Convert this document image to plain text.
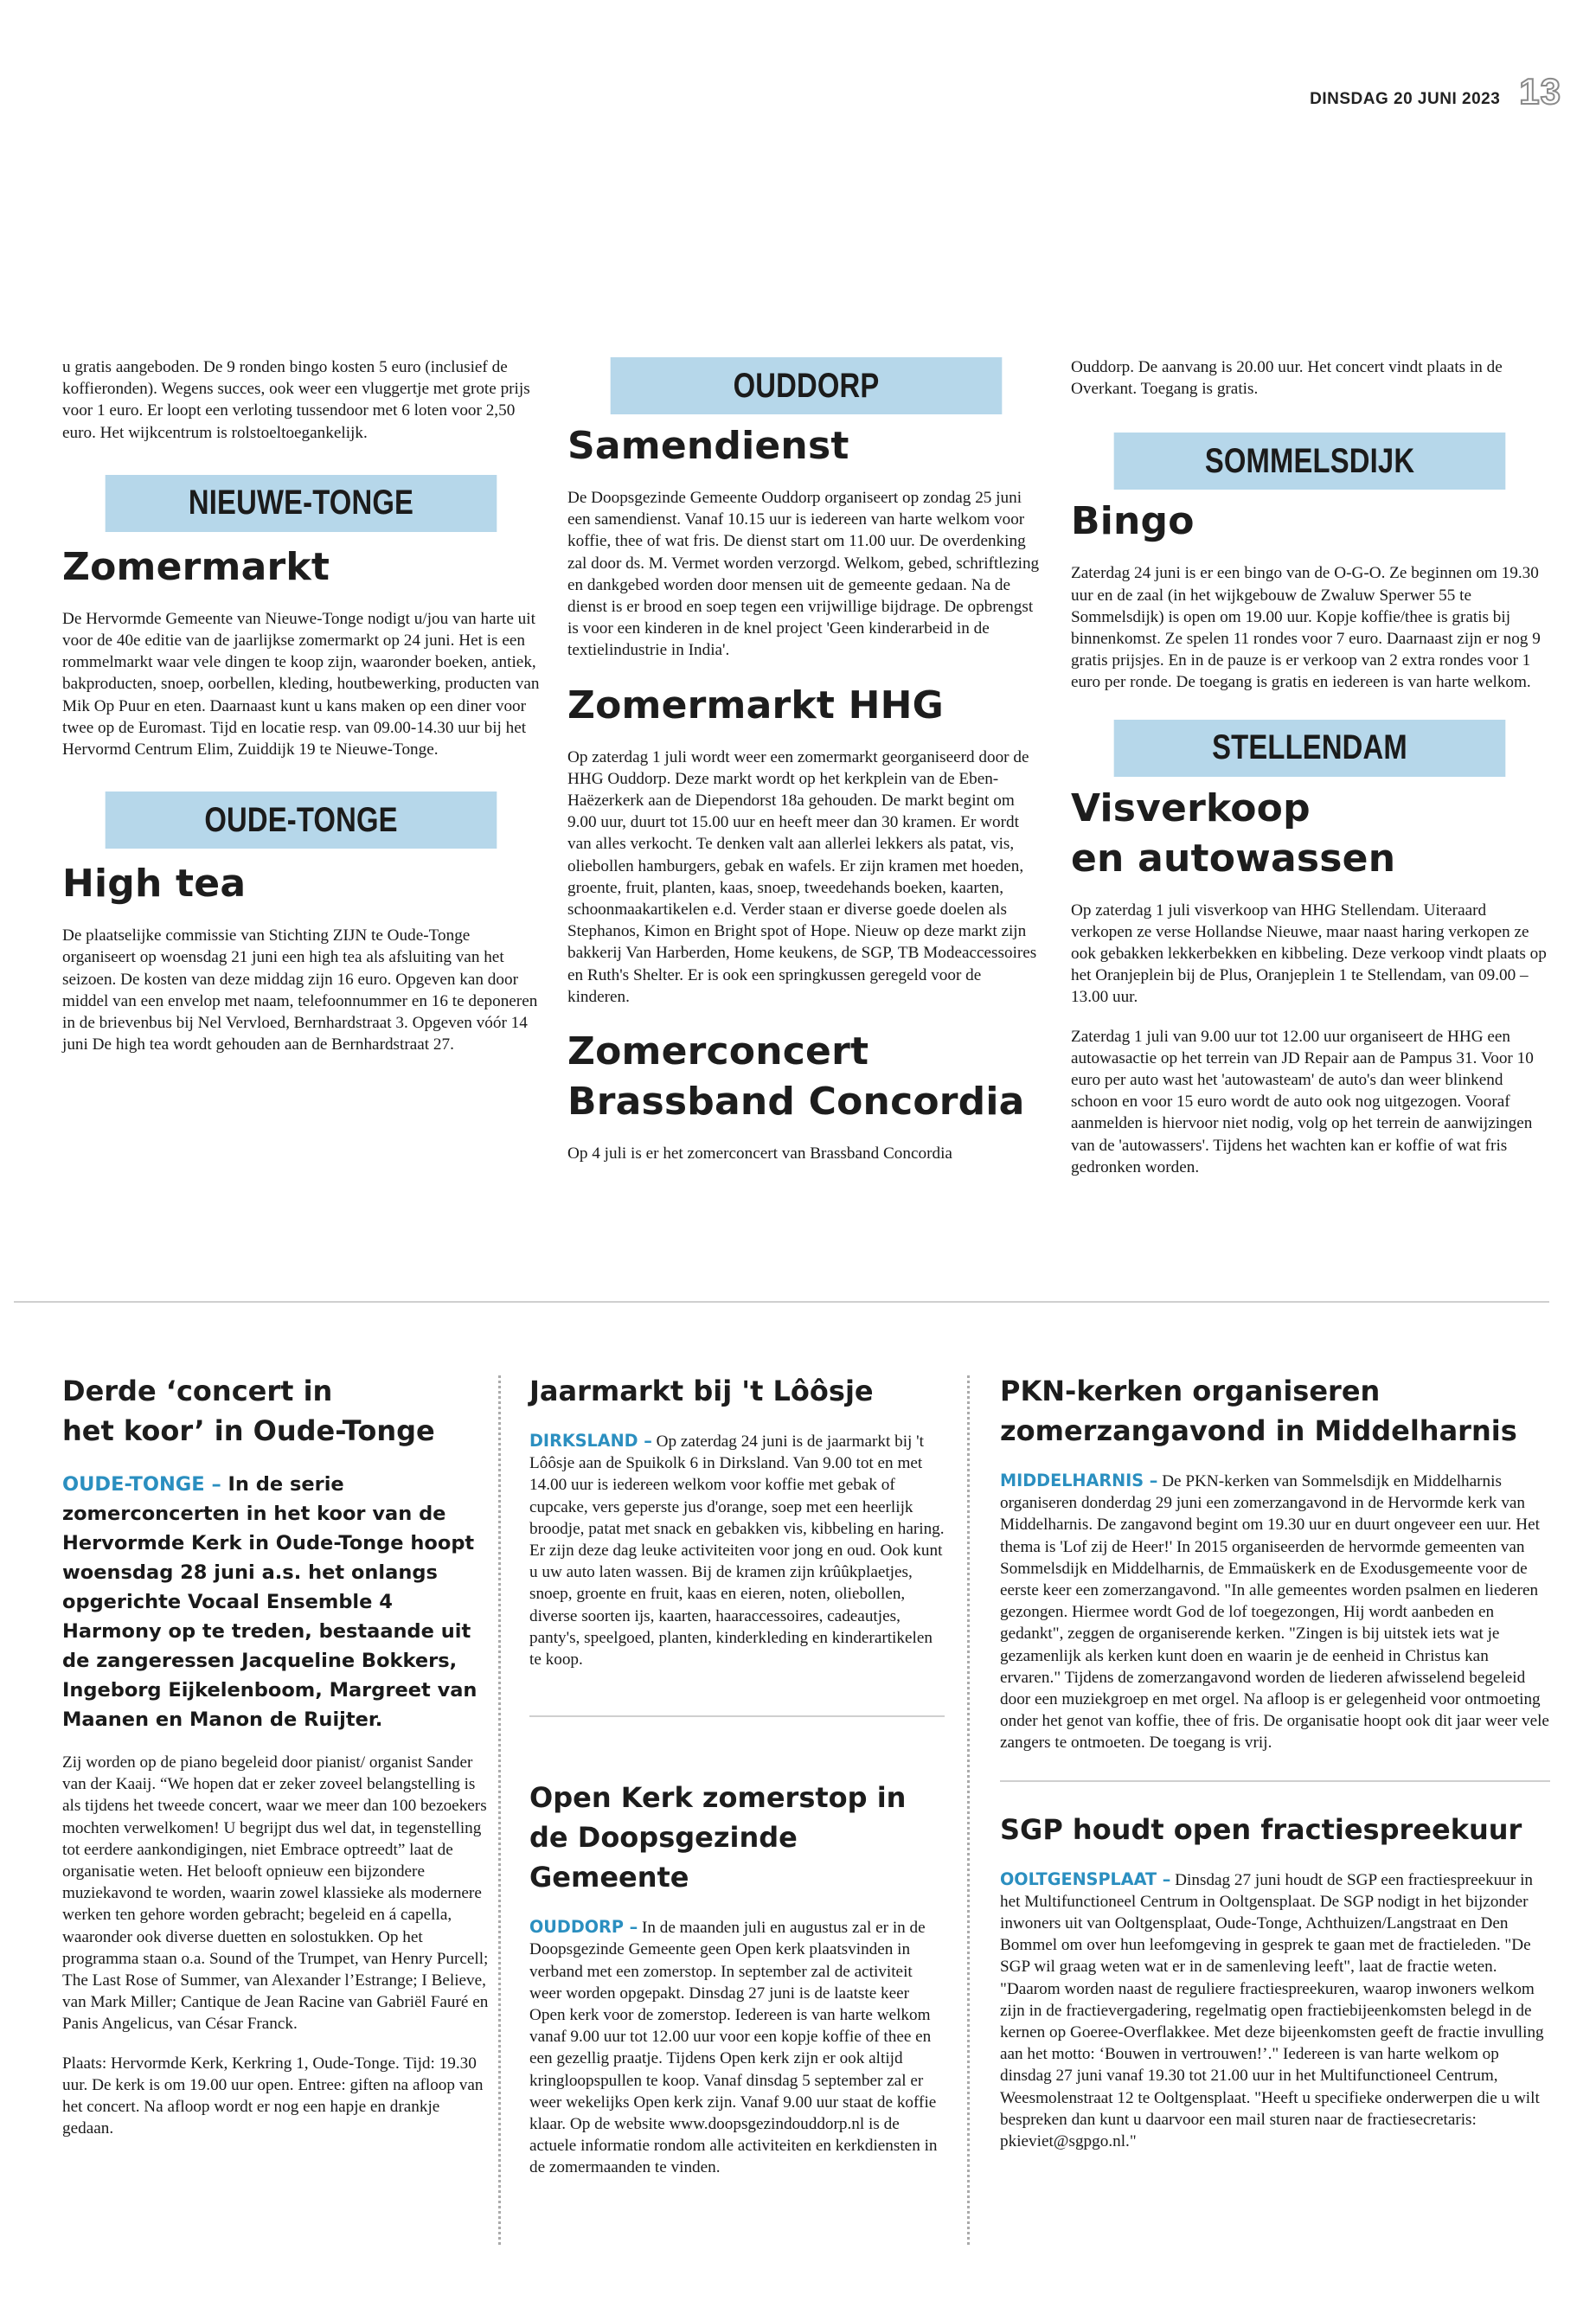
DINSDAG 20 JUNI 2023 13

u gratis aangeboden. De 9 ronden bingo kosten 5 euro (inclusief de koffieronden). Wegens succes, ook weer een vluggertje met grote prijs voor 1 euro. Er loopt een verloting tussendoor met 6 loten voor 2,50 euro. Het wijkcentrum is rolstoeltoegankelijk.

NIEUWE-TONGE
Zomermarkt

De Hervormde Gemeente van Nieuwe-Tonge nodigt u/jou van harte uit voor de 40e editie van de jaarlijkse zomermarkt op 24 juni. Het is een rommelmarkt waar vele dingen te koop zijn, waaronder boeken, antiek, bakproducten, snoep, oorbellen, kleding, houtbewerking, producten van Mik Op Puur en eten. Daarnaast kunt u kans maken op een diner voor twee op de Euromast. Tijd en locatie resp. van 09.00-14.30 uur bij het Hervormd Centrum Elim, Zuiddijk 19 te Nieuwe-Tonge.

OUDE-TONGE
High tea

De plaatselijke commissie van Stichting ZIJN te Oude-Tonge organiseert op woensdag 21 juni een high tea als afsluiting van het seizoen. De kosten van deze middag zijn 16 euro. Opgeven kan door middel van een envelop met naam, telefoonnummer en 16 te deponeren in de brievenbus bij Nel Vervloed, Bernhardstraat 3. Opgeven vóór 14 juni De high tea wordt gehouden aan de Bernhardstraat 27.

OUDDORP
Samendienst

De Doopsgezinde Gemeente Ouddorp organiseert op zondag 25 juni een samendienst. Vanaf 10.15 uur is iedereen van harte welkom voor koffie, thee of wat fris. De dienst start om 11.00 uur. De overdenking zal door ds. M. Vermet worden verzorgd. Welkom, gebed, schriftlezing en dankgebed worden door mensen uit de gemeente gedaan. Na de dienst is er brood en soep tegen een vrijwillige bijdrage. De opbrengst is voor een kinderen in de knel project 'Geen kinderarbeid in de textielindustrie in India'.

Zomermarkt HHG

Op zaterdag 1 juli wordt weer een zomermarkt georganiseerd door de HHG Ouddorp. Deze markt wordt op het kerkplein van de Eben-Haëzerkerk aan de Diependorst 18a gehouden. De markt begint om 9.00 uur, duurt tot 15.00 uur en heeft meer dan 30 kramen. Er wordt van alles verkocht. Te denken valt aan allerlei lekkers als patat, vis, oliebollen hamburgers, gebak en wafels. Er zijn kramen met hoeden, groente, fruit, planten, kaas, snoep, tweedehands boeken, kaarten, schoonmaakartikelen e.d. Verder staan er diverse goede doelen als Stephanos, Kimon en Bright spot of Hope. Nieuw op deze markt zijn bakkerij Van Harberden, Home keukens, de SGP, TB Modeaccessoires en Ruth's Shelter. Er is ook een springkussen geregeld voor de kinderen.

Zomerconcert
Brassband Concordia

Op 4 juli is er het zomerconcert van Brassband Concordia

Ouddorp. De aanvang is 20.00 uur. Het concert vindt plaats in de Overkant. Toegang is gratis.

SOMMELSDIJK
Bingo

Zaterdag 24 juni is er een bingo van de O-G-O. Ze beginnen om 19.30 uur en de zaal (in het wijkgebouw de Zwaluw Sperwer 55 te Sommelsdijk) is open om 19.00 uur. Kopje koffie/thee is gratis bij binnenkomst. Ze spelen 11 rondes voor 7 euro. Daarnaast zijn er nog 9 gratis prijsjes. En in de pauze is er verkoop van 2 extra rondes voor 1 euro per ronde. De toegang is gratis en iedereen is van harte welkom.

STELLENDAM
Visverkoop
en autowassen

Op zaterdag 1 juli visverkoop van HHG Stellendam. Uiteraard verkopen ze verse Hollandse Nieuwe, maar naast haring verkopen ze ook gebakken lekkerbekken en kibbeling. Deze verkoop vindt plaats op het Oranjeplein bij de Plus, Oranjeplein 1 te Stellendam, van 09.00 – 13.00 uur.

Zaterdag 1 juli van 9.00 uur tot 12.00 uur organiseert de HHG een autowasactie op het terrein van JD Repair aan de Pampus 31. Voor 10 euro per auto wast het 'autowasteam' de auto's dan weer blinkend schoon en voor 15 euro wordt de auto ook nog uitgezogen. Vooraf aanmelden is hiervoor niet nodig, volg op het terrein de aanwijzingen van de 'autowassers'. Tijdens het wachten kan er koffie of wat fris gedronken worden.

Derde ‘concert in
het koor’ in Oude-Tonge

OUDE-TONGE – In de serie zomerconcerten in het koor van de Hervormde Kerk in Oude-Tonge hoopt woensdag 28 juni a.s. het onlangs opgerichte Vocaal Ensemble 4 Harmony op te treden, bestaande uit de zangeressen Jacqueline Bokkers, Ingeborg Eijkelenboom, Margreet van Maanen en Manon de Ruijter.

Zij worden op de piano begeleid door pianist/ organist Sander van der Kaaij. “We hopen dat er zeker zoveel belangstelling is als tijdens het tweede concert, waar we meer dan 100 bezoekers mochten verwelkomen! U begrijpt dus wel dat, in tegenstelling tot eerdere aankondigingen, niet Embrace optreedt” laat de organisatie weten. Het belooft opnieuw een bijzondere muziekavond te worden, waarin zowel klassieke als modernere werken ten gehore worden gebracht; begeleid en á capella, waaronder ook diverse duetten en solostukken. Op het programma staan o.a. Sound of the Trumpet, van Henry Purcell; The Last Rose of Summer, van Alexander l’Estrange; I Believe, van Mark Miller; Cantique de Jean Racine van Gabriël Fauré en Panis Angelicus, van César Franck.

Plaats: Hervormde Kerk, Kerkring 1, Oude-Tonge. Tijd: 19.30 uur. De kerk is om 19.00 uur open. Entree: giften na afloop van het concert. Na afloop wordt er nog een hapje en drankje gedaan.

Jaarmarkt bij 't Lôôsje

DIRKSLAND – Op zaterdag 24 juni is de jaarmarkt bij 't Lôôsje aan de Spuikolk 6 in Dirksland. Van 9.00 tot en met 14.00 uur is iedereen welkom voor koffie met gebak of cupcake, vers geperste jus d'orange, soep met een heerlijk broodje, patat met snack en gebakken vis, kibbeling en haring. Er zijn deze dag leuke activiteiten voor jong en oud. Ook kunt u uw auto laten wassen. Bij de kramen zijn krûûkplaetjes, snoep, groente en fruit, kaas en eieren, noten, oliebollen, diverse soorten ijs, kaarten, haaraccessoires, cadeautjes, panty's, speelgoed, planten, kinderkleding en kinderartikelen te koop.

Open Kerk zomerstop in
de Doopsgezinde Gemeente

OUDDORP – In de maanden juli en augustus zal er in de Doopsgezinde Gemeente geen Open kerk plaatsvinden in verband met een zomerstop. In september zal de activiteit weer worden opgepakt. Dinsdag 27 juni is de laatste keer Open kerk voor de zomerstop. Iedereen is van harte welkom vanaf 9.00 uur tot 12.00 uur voor een kopje koffie of thee en een gezellig praatje. Tijdens Open kerk zijn er ook altijd kringloopspullen te koop. Vanaf dinsdag 5 september zal er weer wekelijks Open kerk zijn. Vanaf 9.00 uur staat de koffie klaar. Op de website www.doopsgezindouddorp.nl is de actuele informatie rondom alle activiteiten en kerkdiensten in de zomermaanden te vinden.

PKN-kerken organiseren
zomerzangavond in Middelharnis

MIDDELHARNIS – De PKN-kerken van Sommelsdijk en Middelharnis organiseren donderdag 29 juni een zomerzangavond in de Hervormde kerk van Middelharnis. De zangavond begint om 19.30 uur en duurt ongeveer een uur. Het thema is 'Lof zij de Heer!' In 2015 organiseerden de hervormde gemeenten van Sommelsdijk en Middelharnis, de Emmaüskerk en de Exodusgemeente voor de eerste keer een zomerzangavond. "In alle gemeentes worden psalmen en liederen gezongen. Hiermee wordt God de lof toegezongen, Hij wordt aanbeden en gedankt", zeggen de organiserende kerken. "Zingen is bij uitstek iets wat je gezamenlijk als kerken kunt doen en waarin je de eenheid in Christus kan ervaren." Tijdens de zomerzangavond worden de liederen afwisselend begeleid door een muziekgroep en met orgel. Na afloop is er gelegenheid voor ontmoeting onder het genot van koffie, thee of fris. De organisatie hoopt ook dit jaar weer vele zangers te ontmoeten. De toegang is vrij.

SGP houdt open fractiespreekuur

OOLTGENSPLAAT – Dinsdag 27 juni houdt de SGP een fractiespreekuur in het Multifunctioneel Centrum in Ooltgensplaat. De SGP nodigt in het bijzonder inwoners uit van Ooltgensplaat, Oude-Tonge, Achthuizen/Langstraat en Den Bommel om over hun leefomgeving in gesprek te gaan met de fractieleden. "De SGP wil graag weten wat er in de samenleving leeft", laat de fractie weten. "Daarom worden naast de reguliere fractiespreekuren, waarop inwoners welkom zijn in de fractievergadering, regelmatig open fractiebijeenkomsten belegd in de kernen op Goeree-Overflakkee. Met deze bijeenkomsten geeft de fractie invulling aan het motto: ‘Bouwen in vertrouwen!’." Iedereen is van harte welkom op dinsdag 27 juni vanaf 19.30 tot 21.00 uur in het Multifunctioneel Centrum, Weesmolenstraat 12 te Ooltgensplaat. "Heeft u specifieke onderwerpen die u wilt bespreken dan kunt u daarvoor een mail sturen naar de fractiesecretaris: pkieviet@sgpgo.nl."
